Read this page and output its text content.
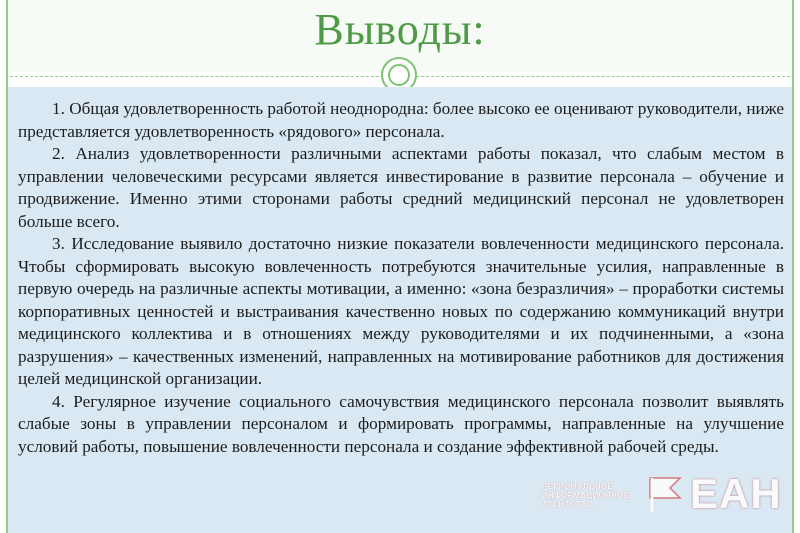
Выводы:

1. Общая удовлетворенность работой неоднородна: более высоко ее оценивают руководители, ниже представляется удовлетворенность «рядового» персонала.

2. Анализ удовлетворенности различными аспектами работы показал, что слабым местом в управлении человеческими ресурсами является инвестирование в развитие персонала – обучение и продвижение. Именно этими сторонами работы средний медицинский персонал не удовлетворен больше всего.

3. Исследование выявило достаточно низкие показатели вовлеченности медицинского персонала. Чтобы сформировать высокую вовлеченность потребуются значительные усилия, направленные в первую очередь на различные аспекты мотивации, а именно: «зона безразличия» – проработки системы корпоративных ценностей и выстраивания качественно новых по содержанию коммуникаций внутри медицинского коллектива и в отношениях между руководителями и их подчиненными, а «зона разрушения» – качественных изменений, направленных на мотивирование работников для достижения целей медицинской организации.

4. Регулярное изучение социального самочувствия медицинского персонала позволит выявлять слабые зоны в управлении персоналом и формировать программы, направленные на улучшение условий работы, повышение вовлеченности персонала и создание эффективной рабочей среды.

РЕГИОНАЛЬНОЕ
ИНФОРМАЦИОННОЕ
АГЕНТСТВО	ЕАН
